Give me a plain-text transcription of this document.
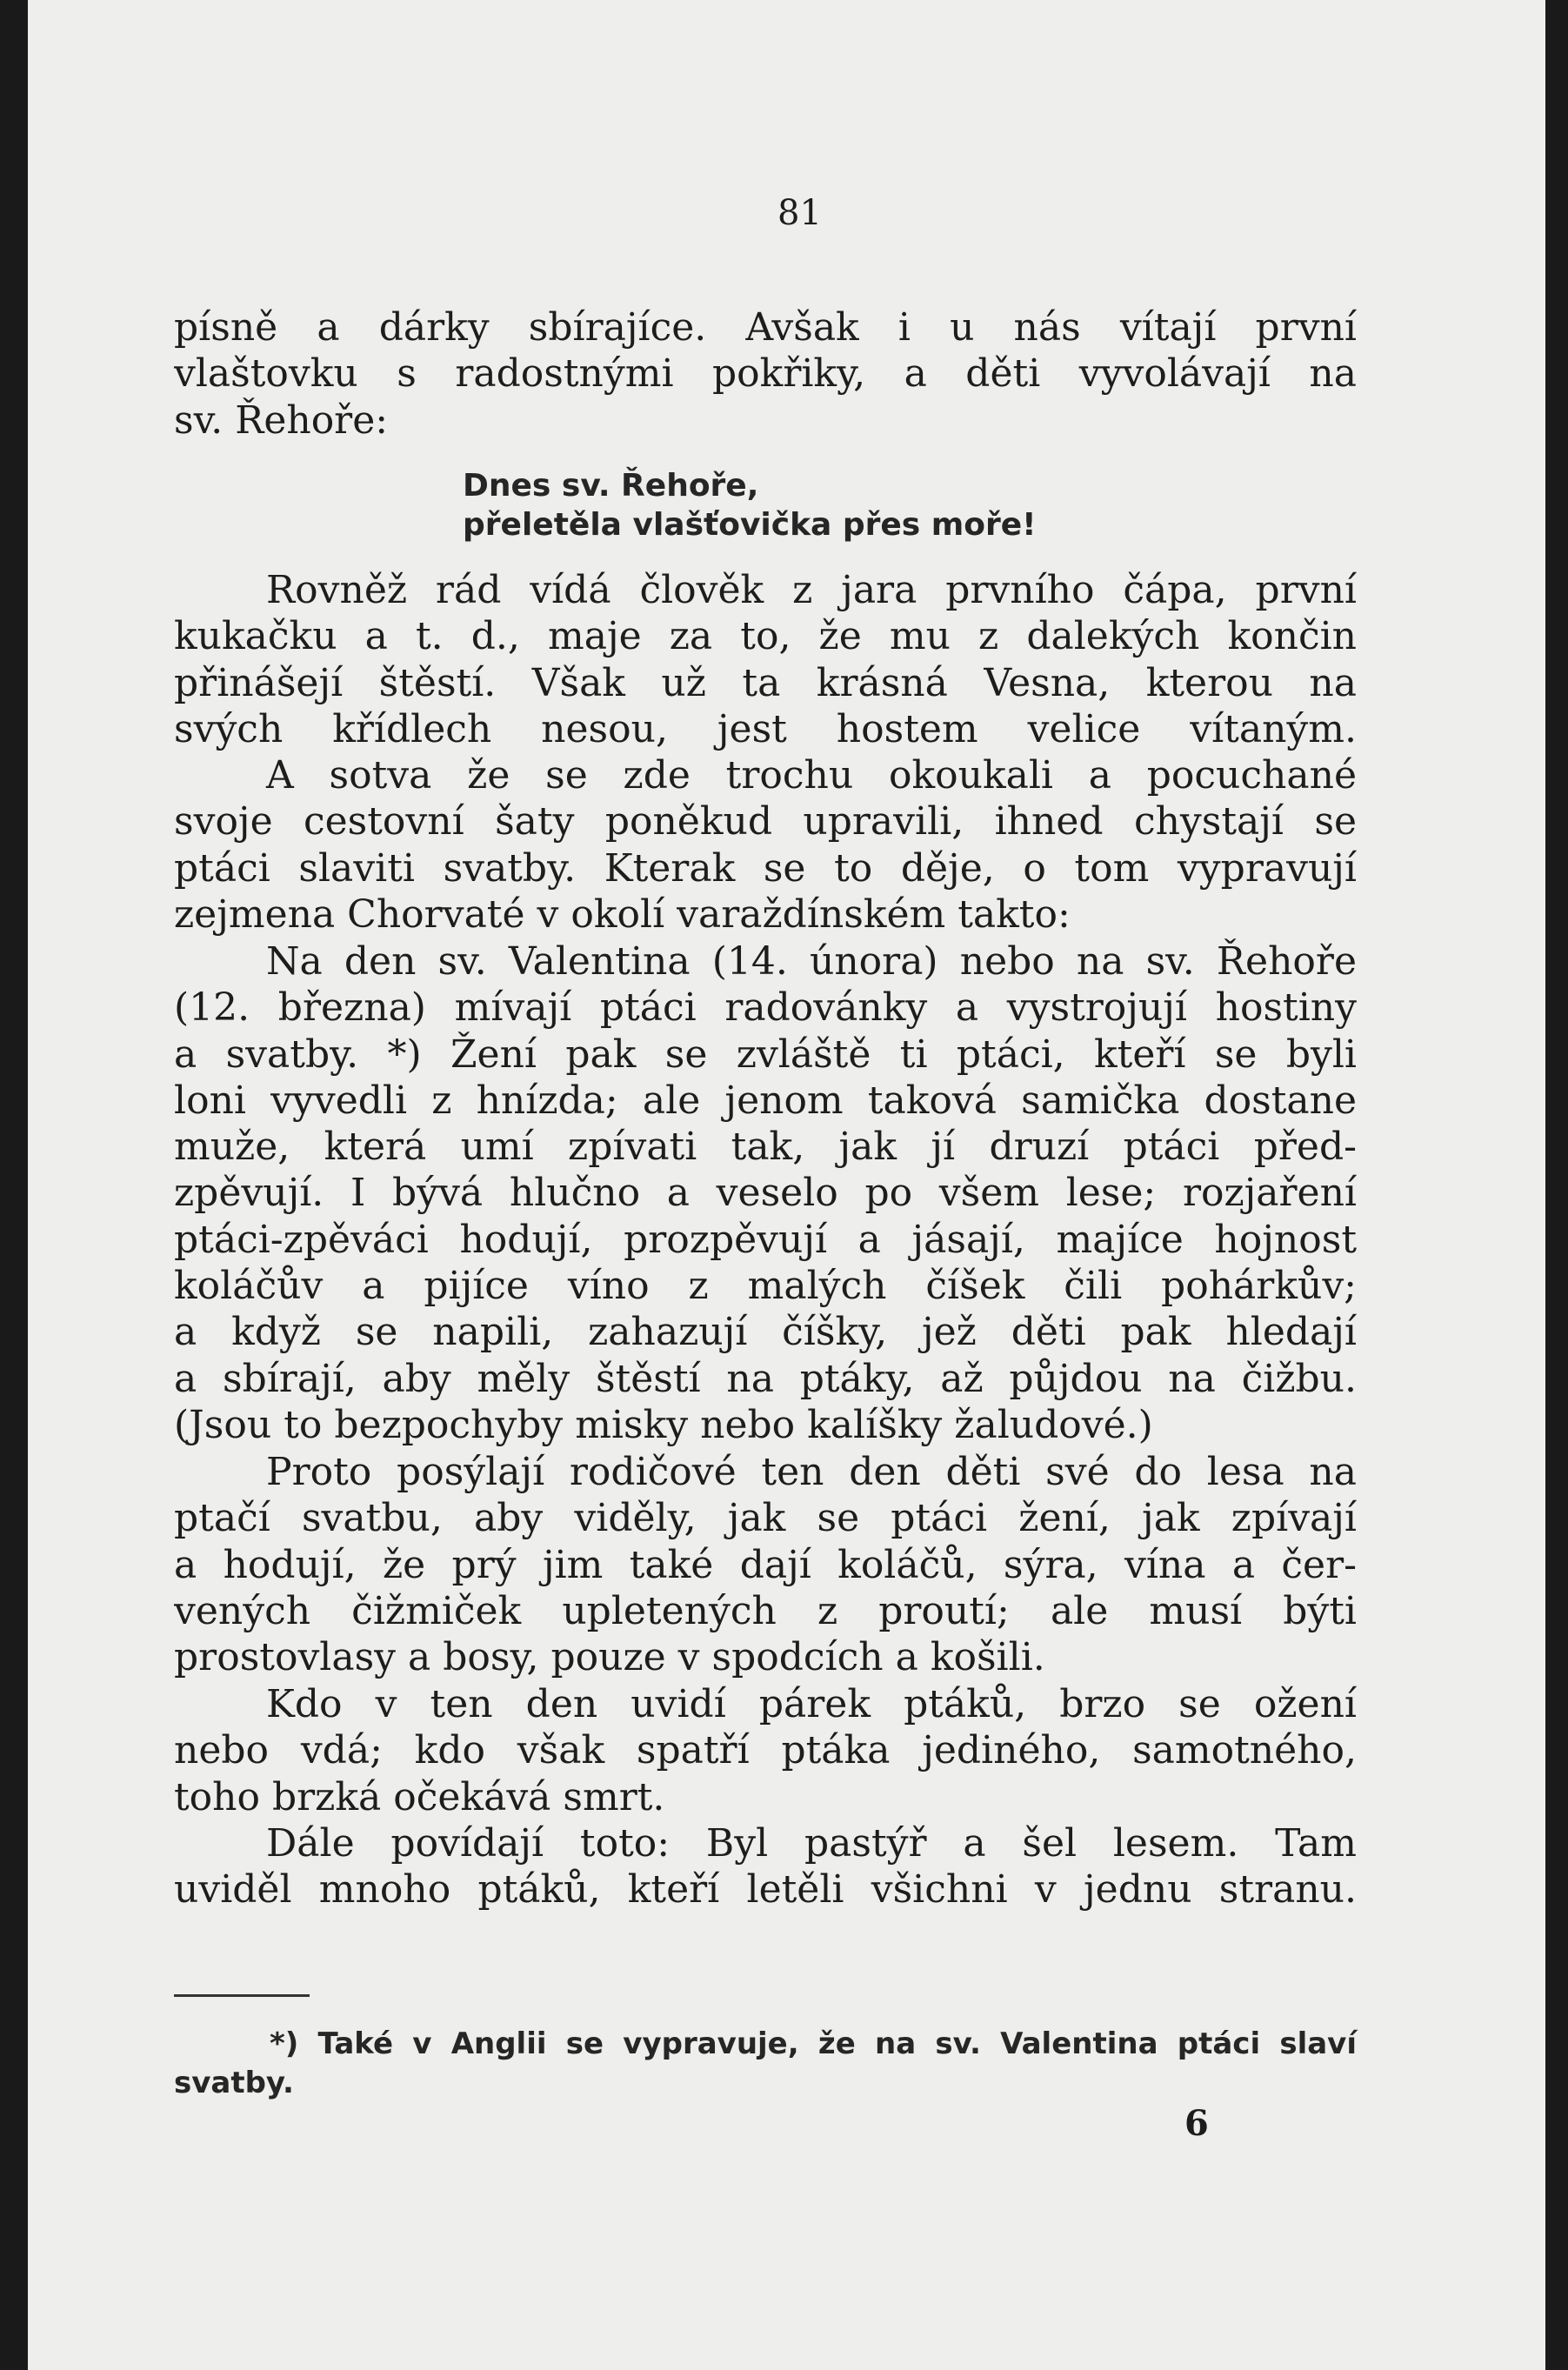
81
písně a dárky sbírajíce. Avšak i u nás vítají první
vlaštovku s radostnými pokřiky, a děti vyvolávají na
sv. Řehoře:
Dnes sv. Řehoře,
přeletěla vlašťovička přes moře!
Rovněž rád vídá člověk z jara prvního čápa, první
kukačku a t. d., maje za to, že mu z dalekých končin
přinášejí štěstí. Však už ta krásná Vesna, kterou na
svých křídlech nesou, jest hostem velice vítaným.
A sotva že se zde trochu okoukali a pocuchané
svoje cestovní šaty poněkud upravili, ihned chystají se
ptáci slaviti svatby. Kterak se to děje, o tom vypravují
zejmena Chorvaté v okolí varaždínském takto:
Na den sv. Valentina (14. února) nebo na sv. Řehoře
(12. března) mívají ptáci radovánky a vystrojují hostiny
a svatby. *) Žení pak se zvláště ti ptáci, kteří se byli
loni vyvedli z hnízda; ale jenom taková samička dostane
muže, která umí zpívati tak, jak jí druzí ptáci před-
zpěvují. I bývá hlučno a veselo po všem lese; rozjaření
ptáci-zpěváci hodují, prozpěvují a jásají, majíce hojnost
koláčův a pijíce víno z malých číšek čili pohárkův;
a když se napili, zahazují číšky, jež děti pak hledají
a sbírají, aby měly štěstí na ptáky, až půjdou na čižbu.
(Jsou to bezpochyby misky nebo kalíšky žaludové.)
Proto posýlají rodičové ten den děti své do lesa na
ptačí svatbu, aby viděly, jak se ptáci žení, jak zpívají
a hodují, že prý jim také dají koláčů, sýra, vína a čer-
vených čižmiček upletených z proutí; ale musí býti
prostovlasy a bosy, pouze v spodcích a košili.
Kdo v ten den uvidí párek ptáků, brzo se ožení
nebo vdá; kdo však spatří ptáka jediného, samotného,
toho brzká očekává smrt.
Dále povídají toto: Byl pastýř a šel lesem. Tam
uviděl mnoho ptáků, kteří letěli všichni v jednu stranu.
*) Také v Anglii se vypravuje, že na sv. Valentina ptáci slaví
svatby.
6
